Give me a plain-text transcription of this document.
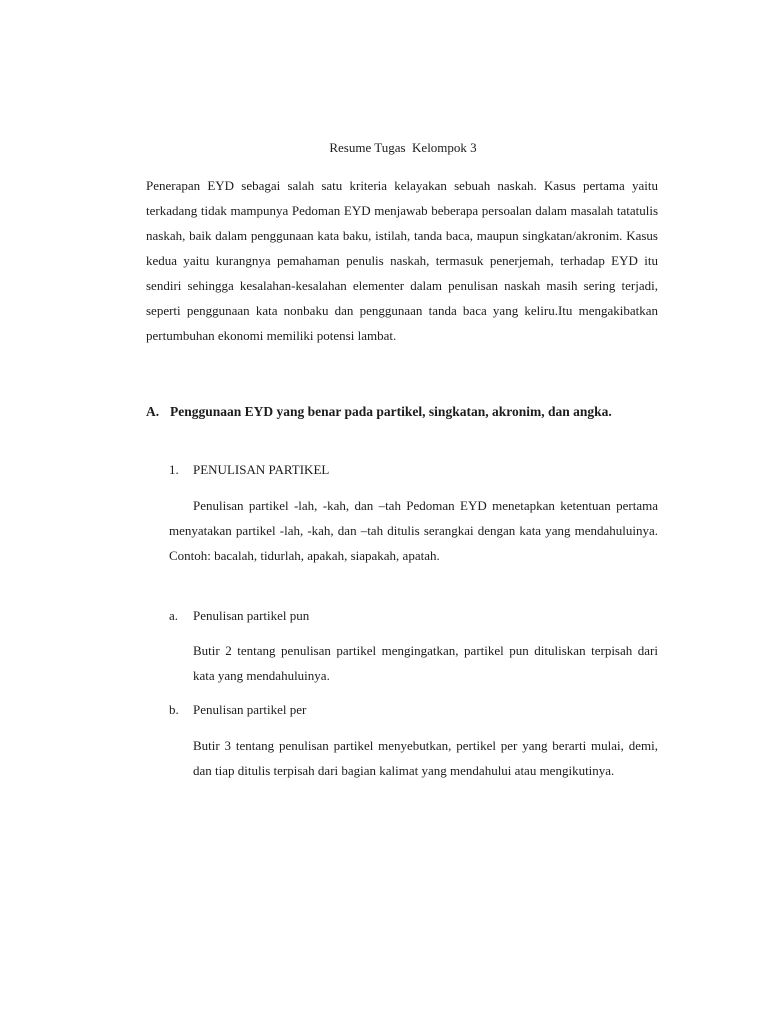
Resume Tugas  Kelompok 3

Penerapan EYD sebagai salah satu kriteria kelayakan sebuah naskah. Kasus pertama yaitu terkadang tidak mampunya Pedoman EYD menjawab beberapa persoalan dalam masalah tatatulis naskah, baik dalam penggunaan kata baku, istilah, tanda baca, maupun singkatan/akronim. Kasus kedua yaitu kurangnya pemahaman penulis naskah, termasuk penerjemah, terhadap EYD itu sendiri sehingga kesalahan-kesalahan elementer dalam penulisan naskah masih sering terjadi, seperti penggunaan kata nonbaku dan penggunaan tanda baca yang keliru.Itu mengakibatkan pertumbuhan ekonomi memiliki potensi lambat.

A. Penggunaan EYD yang benar pada partikel, singkatan, akronim, dan angka.
1. PENULISAN PARTIKEL

Penulisan partikel -lah, -kah, dan –tah Pedoman EYD menetapkan ketentuan pertama menyatakan partikel -lah, -kah, dan –tah ditulis serangkai dengan kata yang mendahuluinya. Contoh: bacalah, tidurlah, apakah, siapakah, apatah.

a. Penulisan partikel pun

Butir 2 tentang penulisan partikel mengingatkan, partikel pun dituliskan terpisah dari kata yang mendahuluinya.

b. Penulisan partikel per

Butir 3 tentang penulisan partikel menyebutkan, pertikel per yang berarti mulai, demi, dan tiap ditulis terpisah dari bagian kalimat yang mendahului atau mengikutinya.
